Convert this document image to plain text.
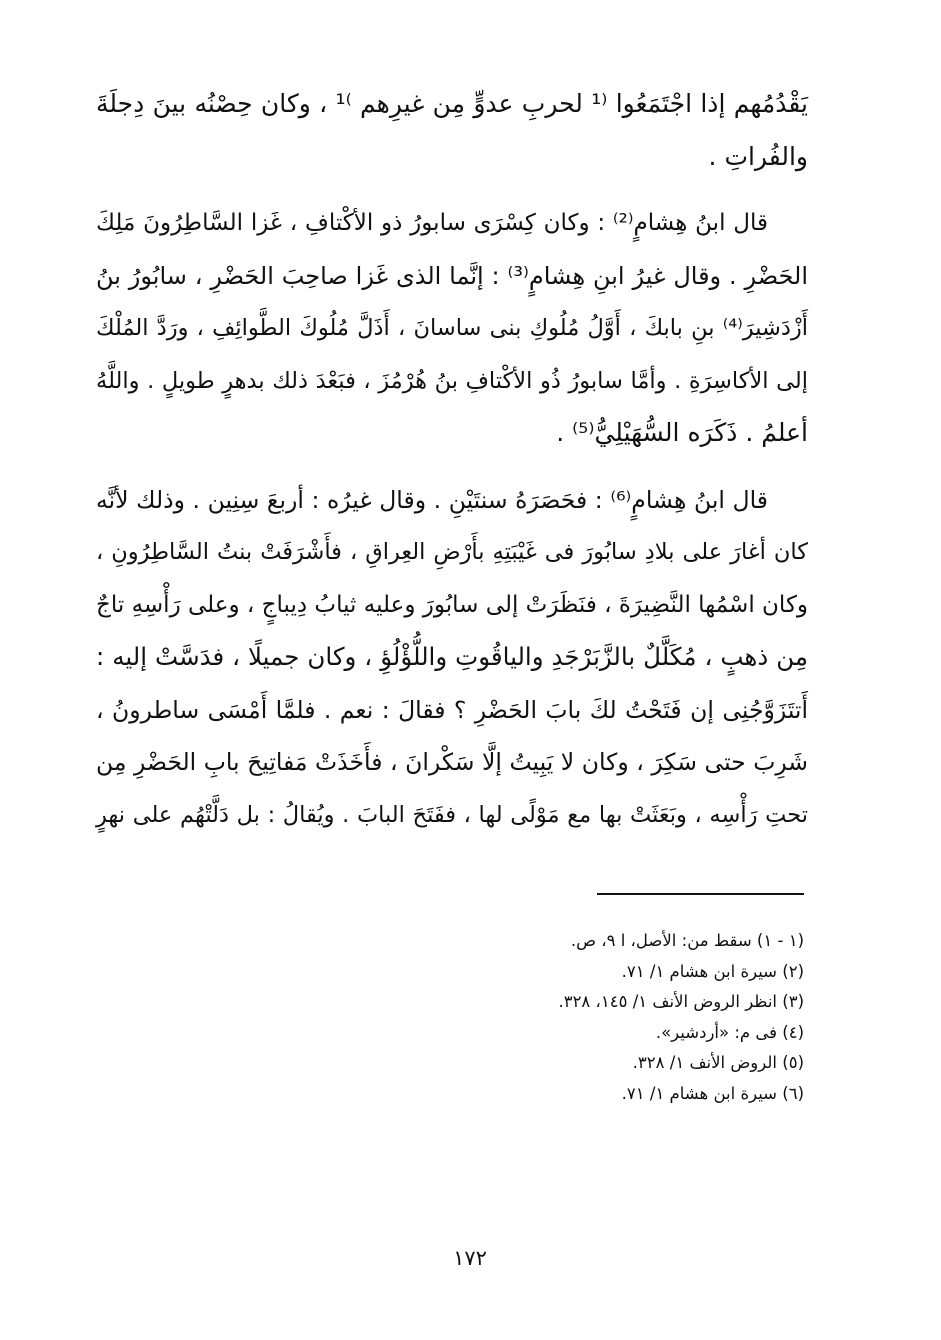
يَقْدُمُهم إذا اجْتَمَعُوا ⁽¹ لحربِ عدوٍّ مِن غيرِهم ⁾¹ ، وكان حِصْنُه بينَ دِجلَةَ
والفُراتِ .

قال ابنُ هِشامٍ⁽²⁾ : وكان كِسْرَى سابورُ ذو الأكْتافِ ، غَزا السَّاطِرُونَ مَلِكَ
الحَضْرِ . وقال غيرُ ابنِ هِشامٍ⁽³⁾ : إنَّما الذى غَزا صاحِبَ الحَضْرِ ، سابُورُ بنُ
أَزْدَشِيرَ⁽⁴⁾ بنِ بابكَ ، أَوَّلُ مُلُوكِ بنى ساسانَ ، أَذَلَّ مُلُوكَ الطَّوائِفِ ، ورَدَّ المُلْكَ
إلى الأكاسِرَةِ . وأمَّا سابورُ ذُو الأكْتافِ بنُ هُرْمُزَ ، فبَعْدَ ذلك بدهرٍ طويلٍ . واللَّهُ
أعلمُ . ذَكَرَه السُّهَيْلِيُّ⁽⁵⁾ .

قال ابنُ هِشامٍ⁽⁶⁾ : فحَصَرَهُ سنتَيْنِ . وقال غيرُه : أربعَ سِنِين . وذلك لأنَّه
كان أغارَ على بلادِ سابُورَ فى غَيْبَتِهِ بأَرْضِ العِراقِ ، فأَشْرَفَتْ بنتُ السَّاطِرُونِ ،
وكان اسْمُها النَّضِيرَةَ ، فنَظَرَتْ إلى سابُورَ وعليه ثيابُ دِيباجٍ ، وعلى رَأْسِهِ تاجٌ
مِن ذهبٍ ، مُكَلَّلٌ بالزَّبَرْجَدِ والياقُوتِ واللُّؤْلُؤِ ، وكان جميلًا ، فدَسَّتْ إليه :
أَتتَزَوَّجُنِى إن فَتَحْتُ لكَ بابَ الحَضْرِ ؟ فقالَ : نعم . فلمَّا أَمْسَى ساطرونُ ،
شَرِبَ حتى سَكِرَ ، وكان لا يَبِيتُ إلَّا سَكْرانَ ، فأَخَذَتْ مَفاتِيحَ بابِ الحَضْرِ مِن
تحتِ رَأْسِه ، وبَعَثَتْ بها مع مَوْلًى لها ، ففَتَحَ البابَ . ويُقالُ : بل دَلَّتْهُم على نهرٍ

(١ - ١) سقط من: الأصل، ا ٩، ص.
(٢) سيرة ابن هشام ١/ ٧١.
(٣) انظر الروض الأنف ١/ ١٤٥، ٣٢٨.
(٤) فى م: «أردشير».
(٥) الروض الأنف ١/ ٣٢٨.
(٦) سيرة ابن هشام ١/ ٧١.
١٧٢
